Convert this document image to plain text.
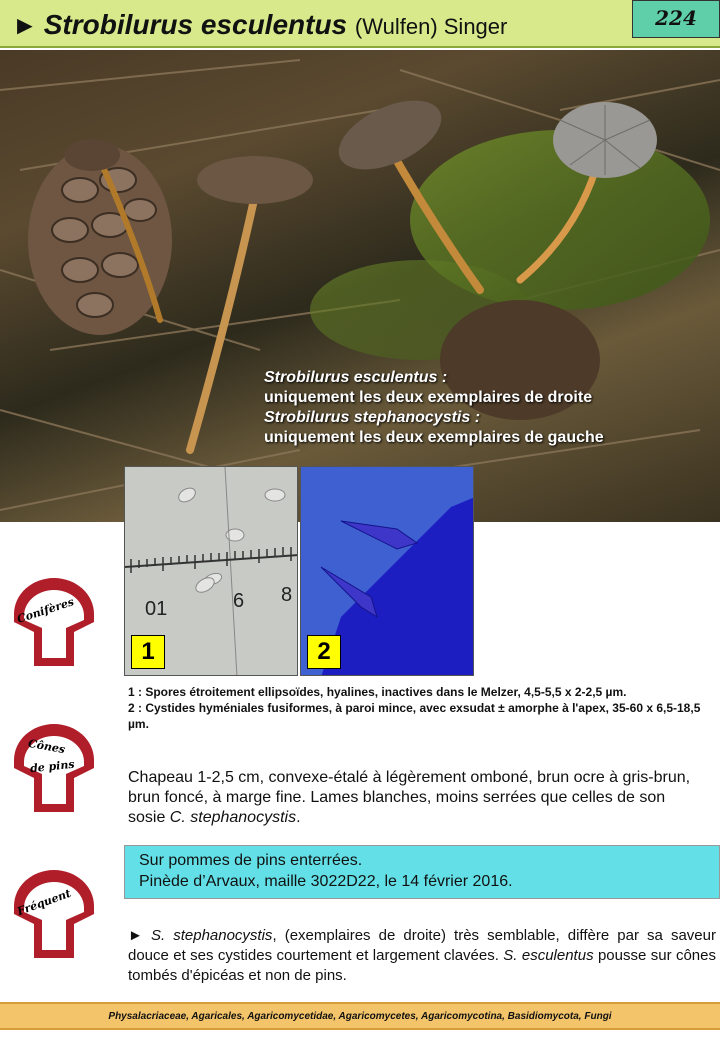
► Strobilurus esculentus (Wulfen) Singer	224
Strobilurus esculentus :
uniquement les deux exemplaires de droite
Strobilurus stephanocystis :
uniquement les deux exemplaires de gauche
01	6 8
1	2
Conifères
Cônes
de pins
Fréquent
1 : Spores étroitement ellipsoïdes, hyalines, inactives dans le Melzer, 4,5-5,5 x 2-2,5 µm.
2 : Cystides hyméniales fusiformes, à paroi mince, avec exsudat ± amorphe à l'apex, 35-60 x 6,5-18,5 µm.
Chapeau 1-2,5 cm, convexe-étalé à légèrement omboné, brun ocre à gris-brun, brun foncé, à marge fine. Lames blanches, moins serrées que celles de son sosie C. stephanocystis.
Sur pommes de pins enterrées.
Pinède d’Arvaux, maille 3022D22, le 14 février 2016.
► S. stephanocystis, (exemplaires de droite) très semblable, diffère par sa saveur douce et ses cystides courtement et largement clavées. S. esculentus pousse sur cônes tombés d'épicéas et non de pins.
Physalacriaceae, Agaricales, Agaricomycetidae, Agaricomycetes, Agaricomycotina, Basidiomycota, Fungi
